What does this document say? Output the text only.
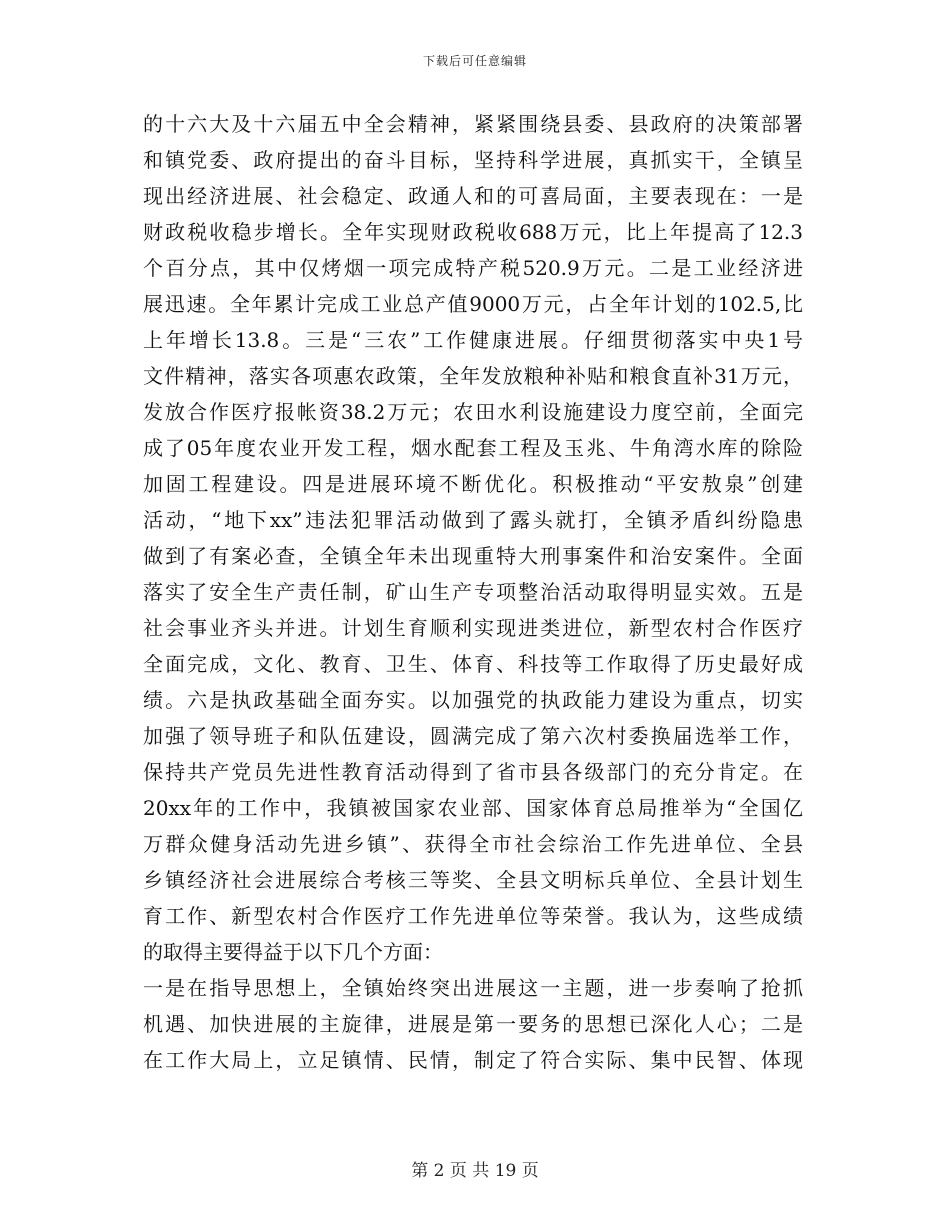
下载后可任意编辑
的十六大及十六届五中全会精神，紧紧围绕县委、县政府的决策部署
和镇党委、政府提出的奋斗目标，坚持科学进展，真抓实干，全镇呈
现出经济进展、社会稳定、政通人和的可喜局面，主要表现在：一是
财政税收稳步增长。全年实现财政税收688万元，比上年提高了12.3
个百分点，其中仅烤烟一项完成特产税520.9万元。二是工业经济进
展迅速。全年累计完成工业总产值9000万元，占全年计划的102.5,比
上年增长13.8。三是“三农”工作健康进展。仔细贯彻落实中央1号
文件精神，落实各项惠农政策，全年发放粮种补贴和粮食直补31万元，
发放合作医疗报帐资38.2万元；农田水利设施建设力度空前，全面完
成了05年度农业开发工程，烟水配套工程及玉兆、牛角湾水库的除险
加固工程建设。四是进展环境不断优化。积极推动“平安敖泉”创建
活动，“地下xx”违法犯罪活动做到了露头就打，全镇矛盾纠纷隐患
做到了有案必查，全镇全年未出现重特大刑事案件和治安案件。全面
落实了安全生产责任制，矿山生产专项整治活动取得明显实效。五是
社会事业齐头并进。计划生育顺利实现进类进位，新型农村合作医疗
全面完成，文化、教育、卫生、体育、科技等工作取得了历史最好成
绩。六是执政基础全面夯实。以加强党的执政能力建设为重点，切实
加强了领导班子和队伍建设，圆满完成了第六次村委换届选举工作，
保持共产党员先进性教育活动得到了省市县各级部门的充分肯定。在
20xx年的工作中，我镇被国家农业部、国家体育总局推举为“全国亿
万群众健身活动先进乡镇”、获得全市社会综治工作先进单位、全县
乡镇经济社会进展综合考核三等奖、全县文明标兵单位、全县计划生
育工作、新型农村合作医疗工作先进单位等荣誉。我认为，这些成绩
的取得主要得益于以下几个方面：
一是在指导思想上，全镇始终突出进展这一主题，进一步奏响了抢抓
机遇、加快进展的主旋律，进展是第一要务的思想已深化人心；二是
在工作大局上，立足镇情、民情，制定了符合实际、集中民智、体现
第 2 页 共 19 页
